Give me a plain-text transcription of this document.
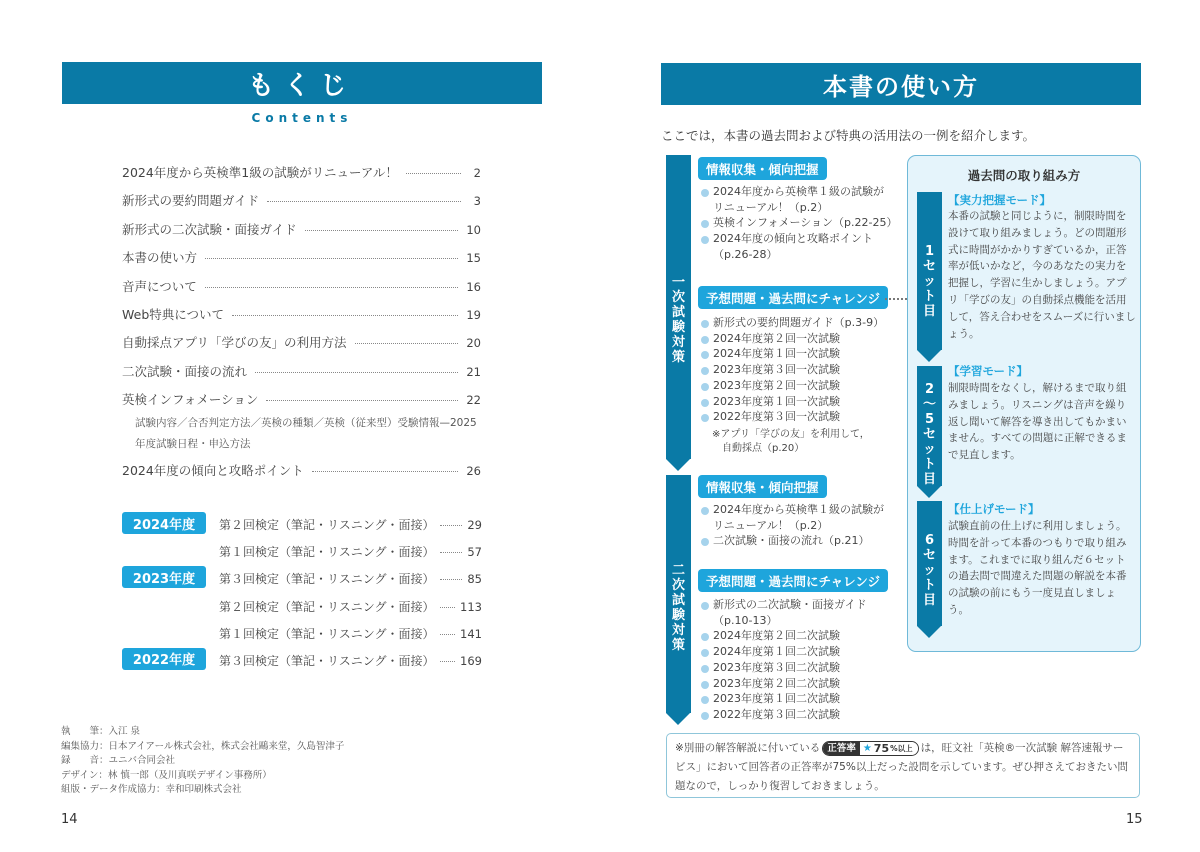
もくじ
Contents
2024年度から英検準1級の試験がリニューアル！	2
新形式の要約問題ガイド	3
新形式の二次試験・面接ガイド	10
本書の使い方	15
音声について	16
Web特典について	19
自動採点アプリ「学びの友」の利用方法	20
二次試験・面接の流れ	21
英検インフォメーション	22
試験内容／合否判定方法／英検の種類／英検（従来型）受験情報—2025年度試験日程・申込方法
2024年度の傾向と攻略ポイント	26
2024年度	第２回検定（筆記・リスニング・面接）	29
第１回検定（筆記・リスニング・面接）	57
2023年度	第３回検定（筆記・リスニング・面接）	85
第２回検定（筆記・リスニング・面接） 113
第１回検定（筆記・リスニング・面接） 141
2022年度	第３回検定（筆記・リスニング・面接） 169
執　　筆：入江 泉
編集協力：日本アイアール株式会社，株式会社鷗来堂，久島智津子
録　　音：ユニバ合同会社
デザイン：林 慎一郎（及川真咲デザイン事務所）
組版・データ作成協力：幸和印刷株式会社
14
本書の使い方
ここでは，本書の過去問および特典の活用法の一例を紹介します。
一
次
試
験
対
策
情報収集・傾向把握
2024年度から英検準１級の試験が
リニューアル！（p.2）
英検インフォメーション（p.22-25）
2024年度の傾向と攻略ポイント
（p.26-28）
予想問題・過去問にチャレンジ
新形式の要約問題ガイド（p.3-9）
2024年度第２回一次試験
2024年度第１回一次試験
2023年度第３回一次試験
2023年度第２回一次試験
2023年度第１回一次試験
2022年度第３回一次試験
※アプリ「学びの友」を利用して，
自動採点（p.20）
二
次
試
験
対
策
情報収集・傾向把握
2024年度から英検準１級の試験が
リニューアル！（p.2）
二次試験・面接の流れ（p.21）
予想問題・過去問にチャレンジ
新形式の二次試験・面接ガイド
（p.10-13）
2024年度第２回二次試験
2024年度第１回二次試験
2023年度第３回二次試験
2023年度第２回二次試験
2023年度第１回二次試験
2022年度第３回二次試験
過去問の取り組み方
1
セ
ッ
ト
目
【実力把握モード】
本番の試験と同じように，制限時間を設けて取り組みましょう。どの問題形式に時間がかかりすぎているか，正答率が低いかなど，今のあなたの実力を把握し，学習に生かしましょう。アプリ「学びの友」の自動採点機能を活用して，答え合わせをスムーズに行いましょう。
2
〜
5
セ
ッ
ト
目
【学習モード】
制限時間をなくし，解けるまで取り組みましょう。リスニングは音声を繰り返し聞いて解答を導き出してもかまいません。すべての問題に正解できるまで見直します。
6
セ
ッ
ト
目
【仕上げモード】
試験直前の仕上げに利用しましょう。時間を計って本番のつもりで取り組みます。これまでに取り組んだ６セットの過去問で間違えた問題の解説を本番の試験の前にもう一度見直しましょう。
※別冊の解答解説に付いている 正答率 ★ 75 %以上 は，旺文社「英検®一次試験 解答速報サービス」において回答者の正答率が75%以上だった設問を示しています。ぜひ押さえておきたい問題なので，しっかり復習しておきましょう。
15
